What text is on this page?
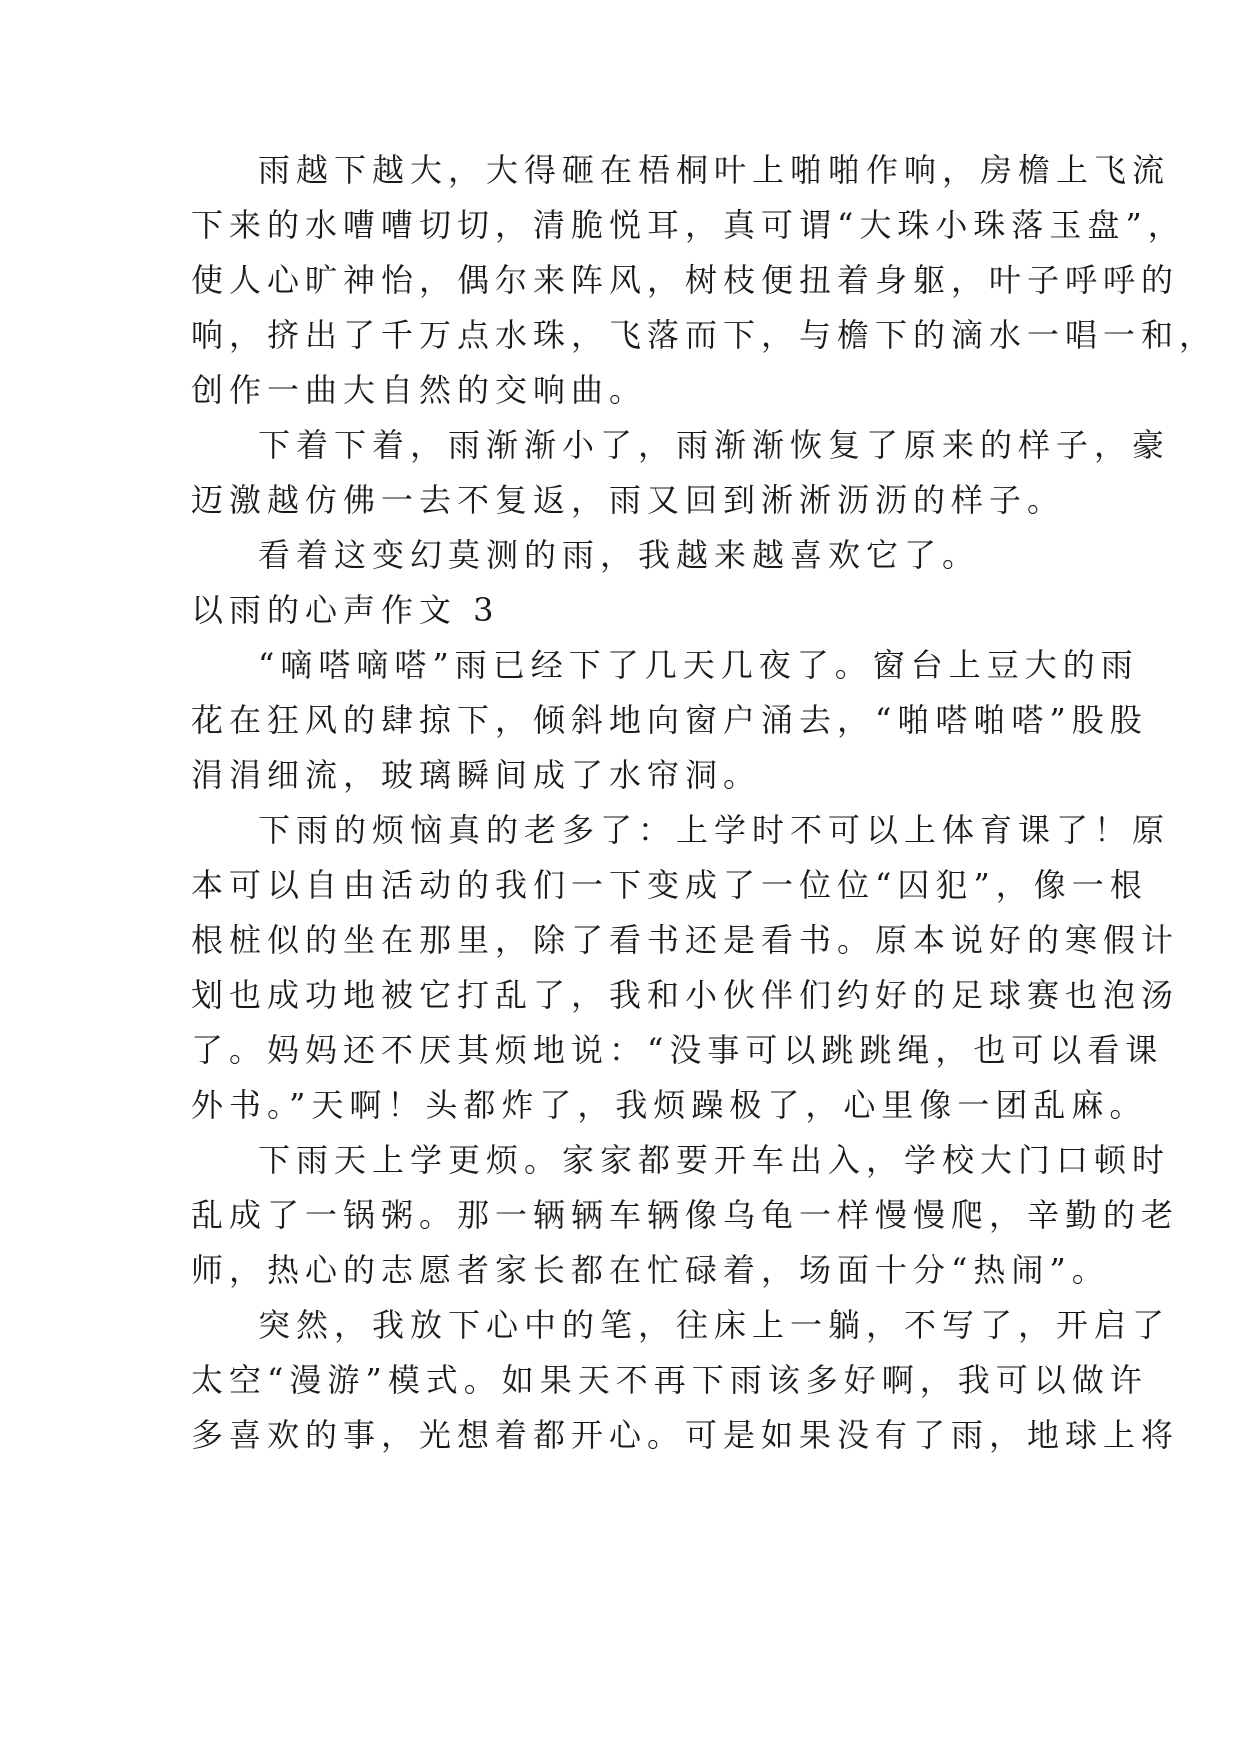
雨越下越大，大得砸在梧桐叶上啪啪作响，房檐上飞流
下来的水嘈嘈切切，清脆悦耳，真可谓“大珠小珠落玉盘”，
使人心旷神怡，偶尔来阵风，树枝便扭着身躯，叶子呼呼的
响，挤出了千万点水珠，飞落而下，与檐下的滴水一唱一和，
创作一曲大自然的交响曲。
下着下着，雨渐渐小了，雨渐渐恢复了原来的样子，豪
迈激越仿佛一去不复返，雨又回到淅淅沥沥的样子。
看着这变幻莫测的雨，我越来越喜欢它了。
以雨的心声作文 3
“嘀嗒嘀嗒”雨已经下了几天几夜了。窗台上豆大的雨
花在狂风的肆掠下，倾斜地向窗户涌去，“啪嗒啪嗒”股股
涓涓细流，玻璃瞬间成了水帘洞。
下雨的烦恼真的老多了：上学时不可以上体育课了！原
本可以自由活动的我们一下变成了一位位“囚犯”，像一根
根桩似的坐在那里，除了看书还是看书。原本说好的寒假计
划也成功地被它打乱了，我和小伙伴们约好的足球赛也泡汤
了。妈妈还不厌其烦地说：“没事可以跳跳绳，也可以看课
外书。”天啊！头都炸了，我烦躁极了，心里像一团乱麻。
下雨天上学更烦。家家都要开车出入，学校大门口顿时
乱成了一锅粥。那一辆辆车辆像乌龟一样慢慢爬，辛勤的老
师，热心的志愿者家长都在忙碌着，场面十分“热闹”。
突然，我放下心中的笔，往床上一躺，不写了，开启了
太空“漫游”模式。如果天不再下雨该多好啊，我可以做许
多喜欢的事，光想着都开心。可是如果没有了雨，地球上将
